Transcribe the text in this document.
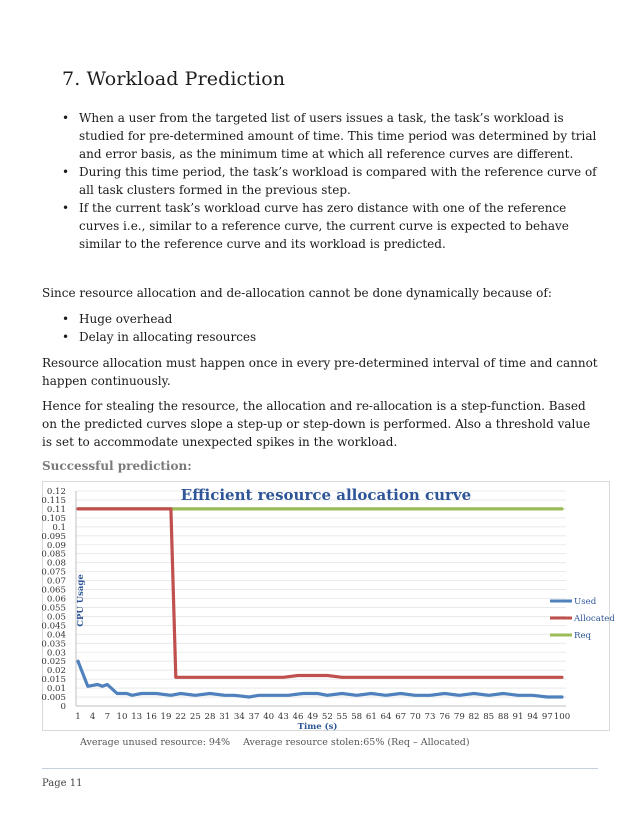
7. Workload Prediction
• When a user from the targeted list of users issues a task, the task’s workload is studied for pre-determined amount of time. This time period was determined by trial and error basis, as the minimum time at which all reference curves are different.
• During this time period, the task’s workload is compared with the reference curve of all task clusters formed in the previous step.
• If the current task’s workload curve has zero distance with one of the reference curves i.e., similar to a reference curve, the current curve is expected to behave similar to the reference curve and its workload is predicted.

Since resource allocation and de-allocation cannot be done dynamically because of:

• Huge overhead
• Delay in allocating resources

Resource allocation must happen once in every pre-determined interval of time and cannot happen continuously.

Hence for stealing the resource, the allocation and re-allocation is a step-function. Based on the predicted curves slope a step-up or step-down is performed. Also a threshold value is set to accommodate unexpected spikes in the workload.

Successful prediction:

0
0.005
0.01
0.015
0.02
0.025
0.03
0.035
0.04
0.045
0.05
0.055
0.06
0.065
0.07
0.075
0.08
0.085
0.09
0.095
0.1
0.105
0.11
0.115
0.12
1 4 7 10 13 16 19 22 25 28 31 34 37 40 43 46 49 52 55 58 61 64 67 70 73 76 79 82 85 88 91 94 97 100
Time (s)
CPU Usage	Used
Allocated
Req
Efficient resource allocation curve
Average unused resource: 94% Average resource stolen:65% (Req – Allocated)
Page 11
